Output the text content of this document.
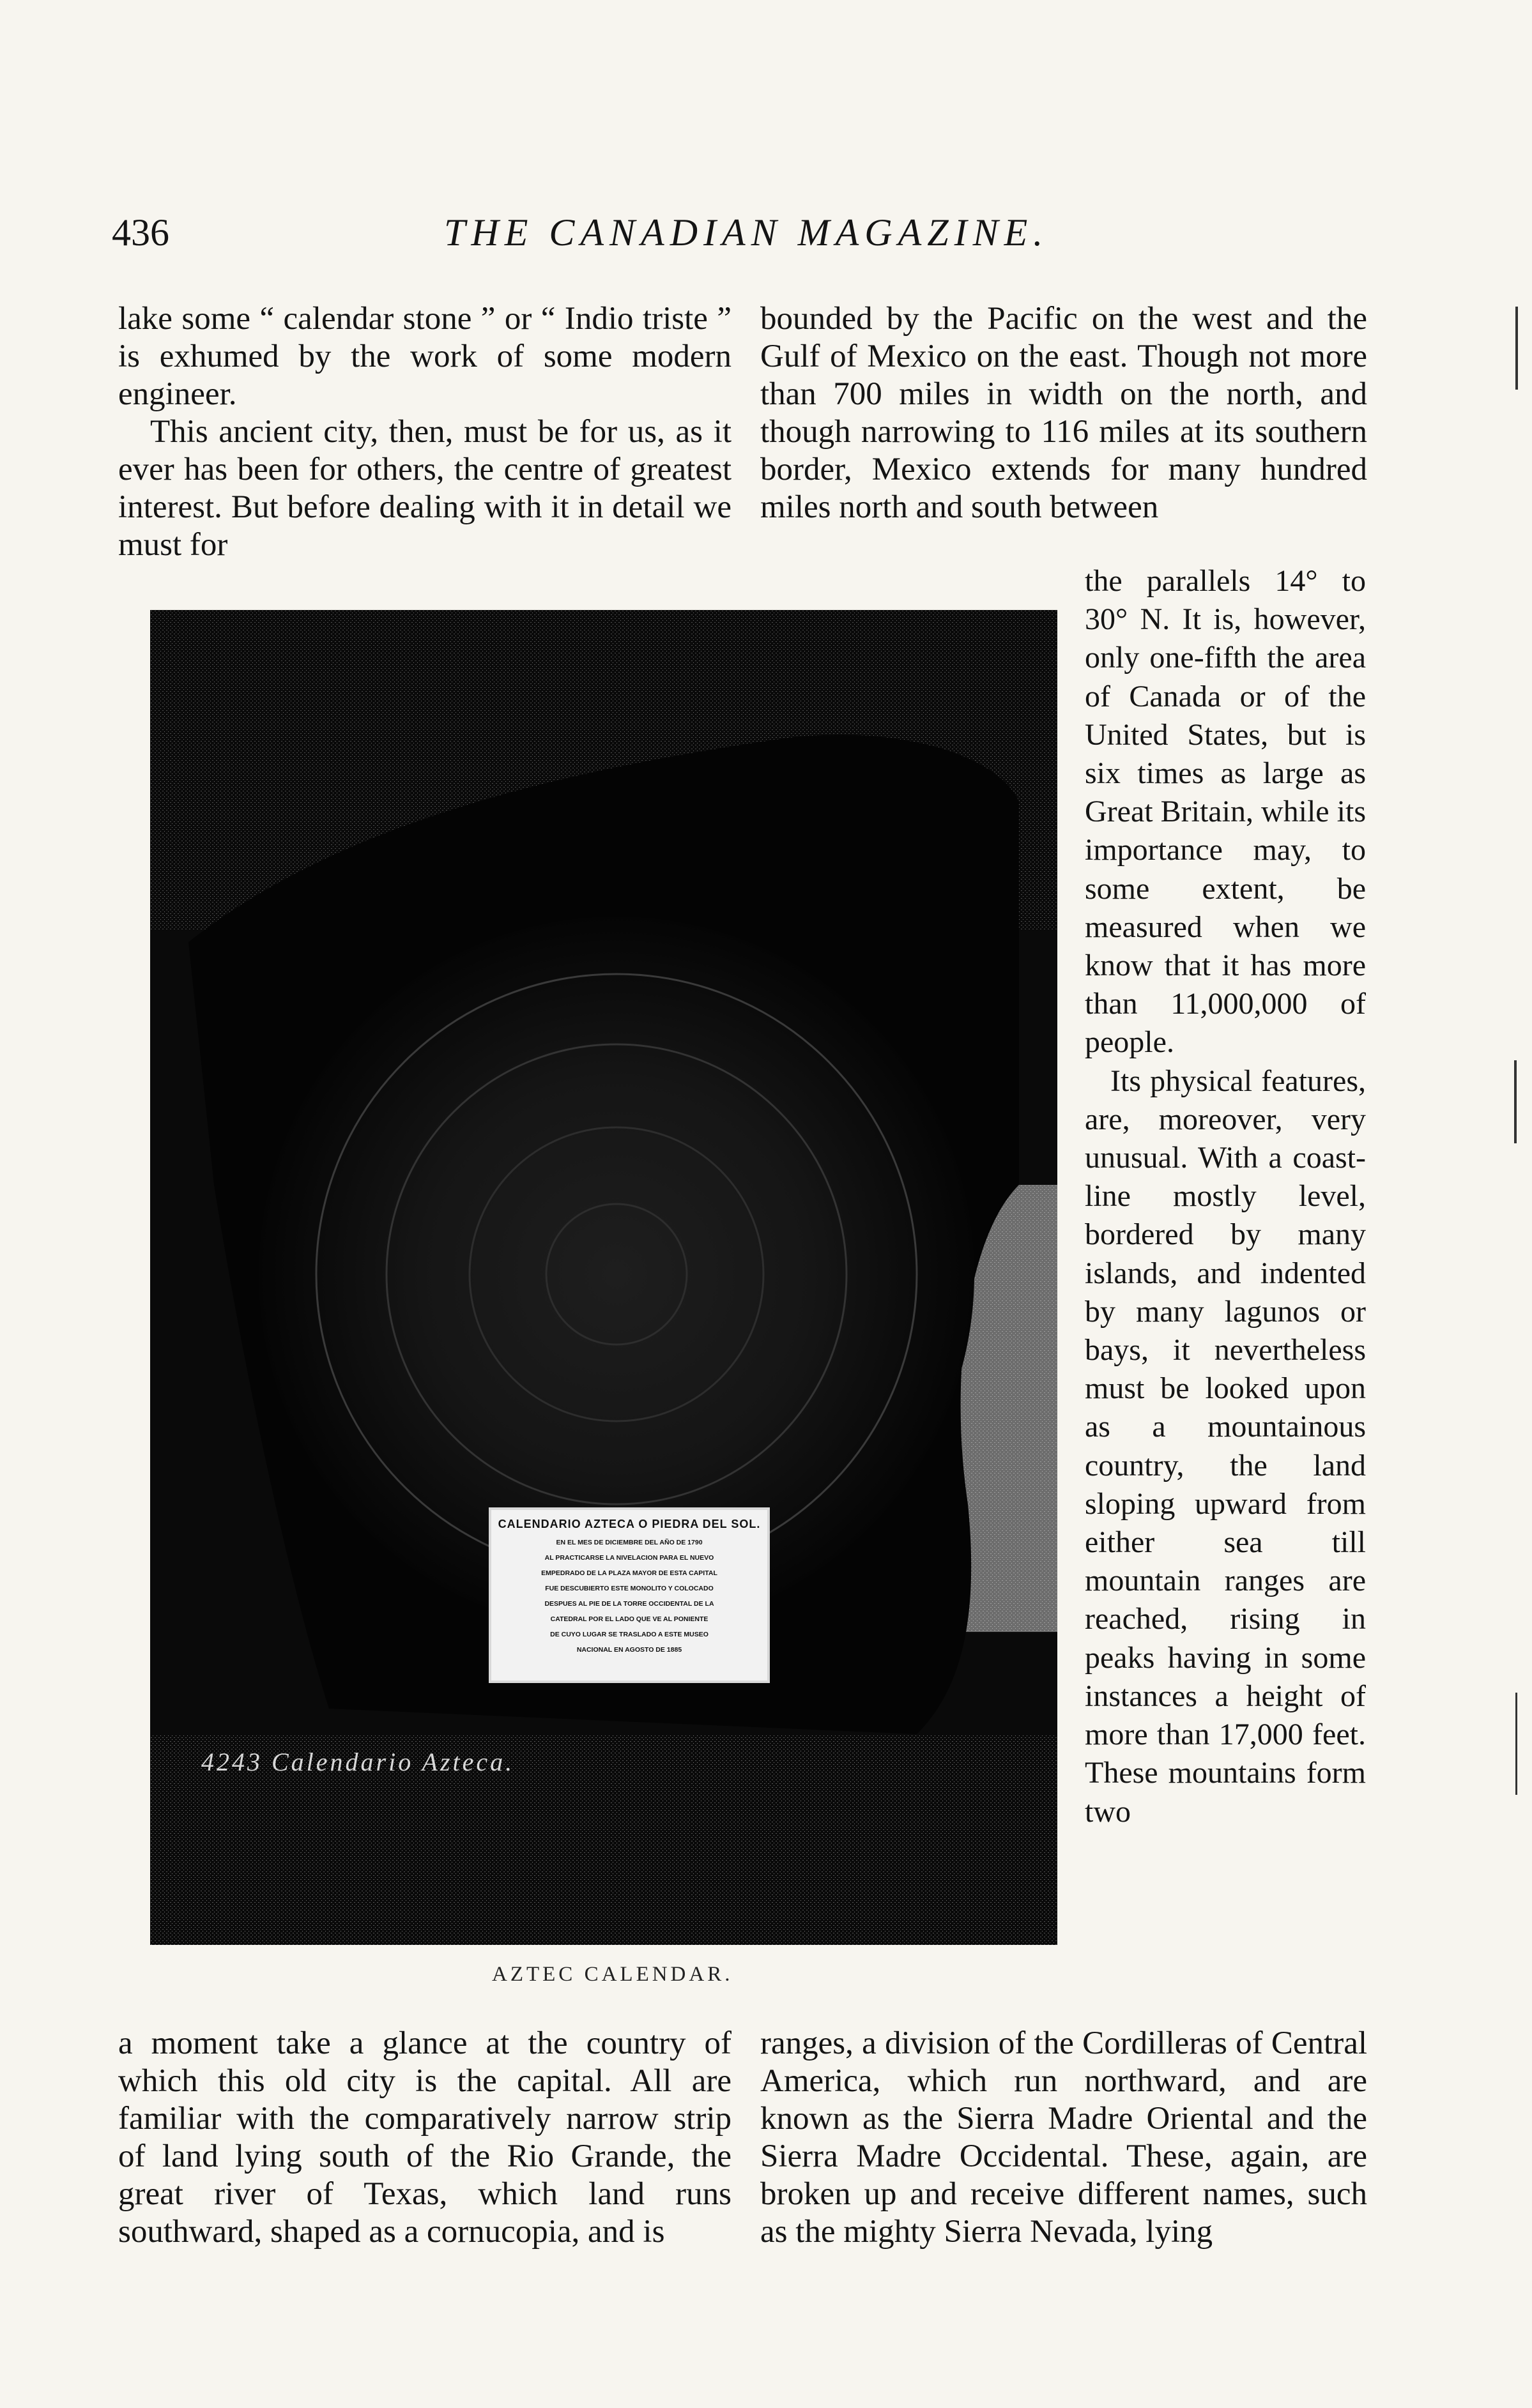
436	THE CANADIAN MAGAZINE.

lake some “ calendar stone ” or “ Indio triste ” is exhumed by the work of some modern engineer.

This ancient city, then, must be for us, as it ever has been for others, the centre of greatest interest. But before dealing with it in detail we must for

bounded by the Pacific on the west and the Gulf of Mexico on the east. Though not more than 700 miles in width on the north, and though narrowing to 116 miles at its southern border, Mexico extends for many hundred miles north and south between

CALENDARIO AZTECA O PIEDRA DEL SOL.
EN EL MES DE DICIEMBRE DEL AÑO DE 1790
AL PRACTICARSE LA NIVELACION PARA EL NUEVO
EMPEDRADO DE LA PLAZA MAYOR DE ESTA CAPITAL
FUE DESCUBIERTO ESTE MONOLITO Y COLOCADO
DESPUES AL PIE DE LA TORRE OCCIDENTAL DE LA
CATEDRAL POR EL LADO QUE VE AL PONIENTE
DE CUYO LUGAR SE TRASLADO A ESTE MUSEO
NACIONAL EN AGOSTO DE 1885
4243 Calendario Azteca.
AZTEC CALENDAR.

the parallels 14° to 30° N. It is, however, only one-fifth the area of Canada or of the United States, but is six times as large as Great Britain, while its importance may, to some extent, be measured when we know that it has more than 11,000,000 of people.

Its physical features, are, moreover, very unusual. With a coast-line mostly level, bordered by many islands, and indented by many lagunos or bays, it nevertheless must be looked upon as a mountainous country, the land sloping upward from either sea till mountain ranges are reached, rising in peaks having in some instances a height of more than 17,000 feet. These mountains form two

a moment take a glance at the country of which this old city is the capital. All are familiar with the comparatively narrow strip of land lying south of the Rio Grande, the great river of Texas, which land runs southward, shaped as a cornucopia, and is

ranges, a division of the Cordilleras of Central America, which run northward, and are known as the Sierra Madre Oriental and the Sierra Madre Occidental. These, again, are broken up and receive different names, such as the mighty Sierra Nevada, lying
